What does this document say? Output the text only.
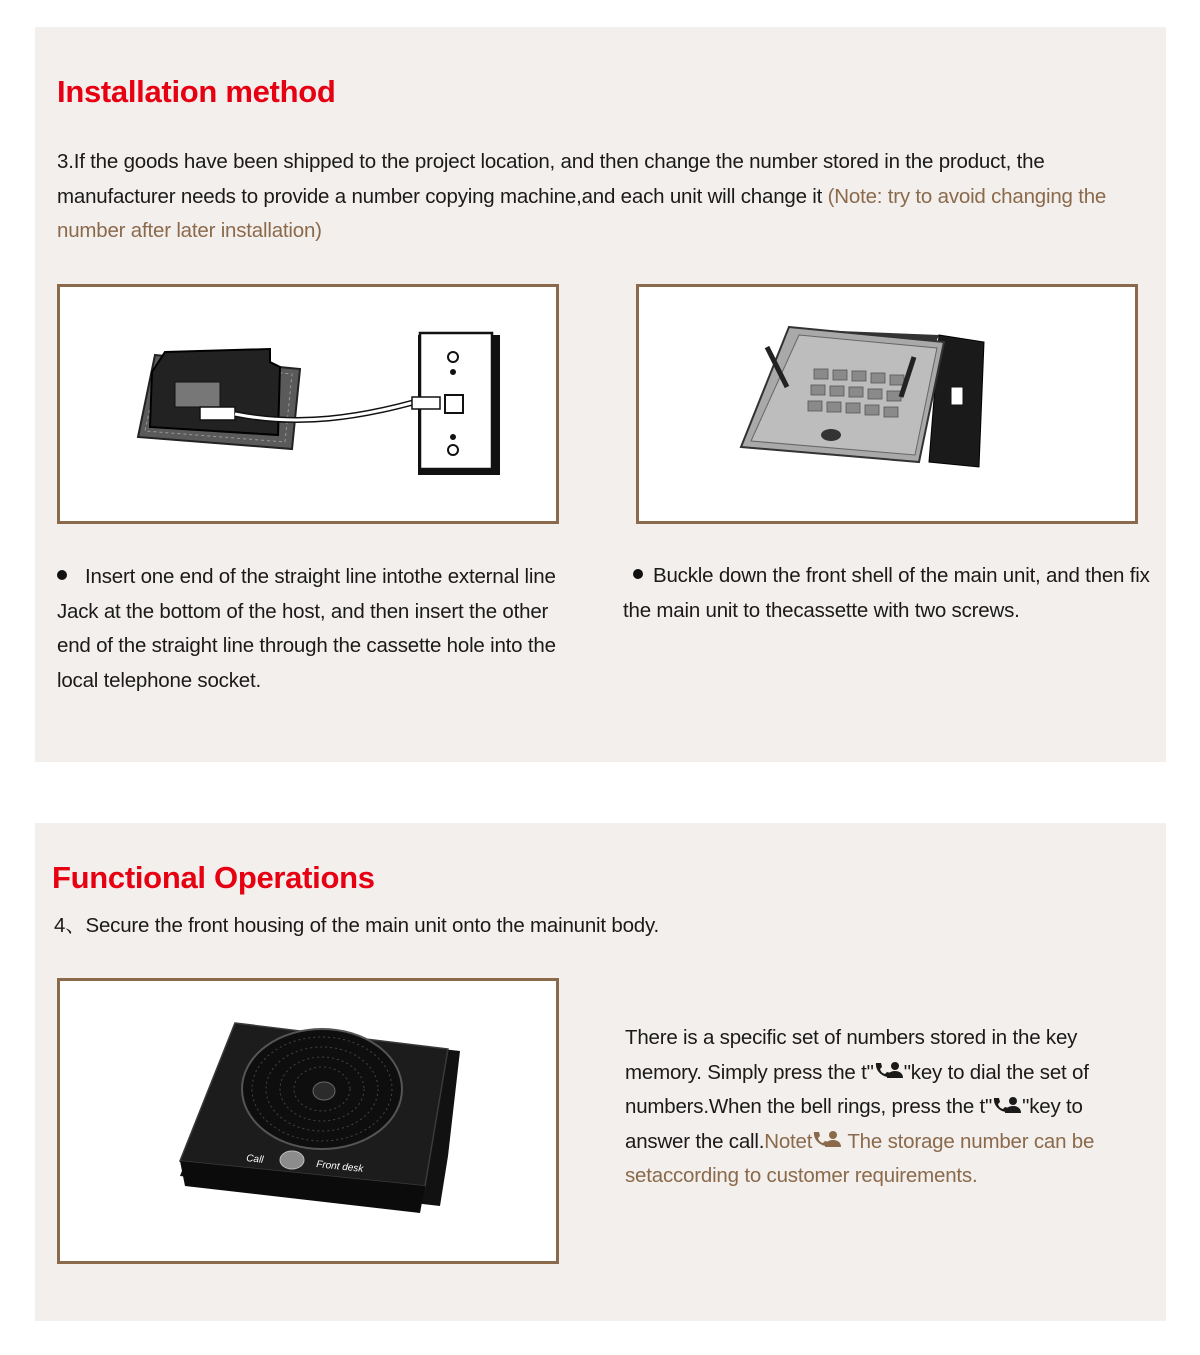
Installation method
3.If the goods have been shipped to the project location, and then change the number stored in the product, the manufacturer needs to provide a number copying machine,and each unit will change it (Note: try to avoid changing the number after later installation)
Insert one end of the straight line intothe external line Jack at the bottom of the host, and then insert the other end of the straight line through the cassette hole into the local telephone socket.
Buckle down the front shell of the main unit, and then fix the main unit to thecassette with two screws.
Functional Operations
4、Secure the front housing of the main unit onto the mainunit body.
Call	Front desk
There is a specific set of numbers stored in the key memory. Simply press the t" "key to dial the set of numbers.When the bell rings, press the t" "key to answer the call.Notet The storage number can be setaccording to customer requirements.
